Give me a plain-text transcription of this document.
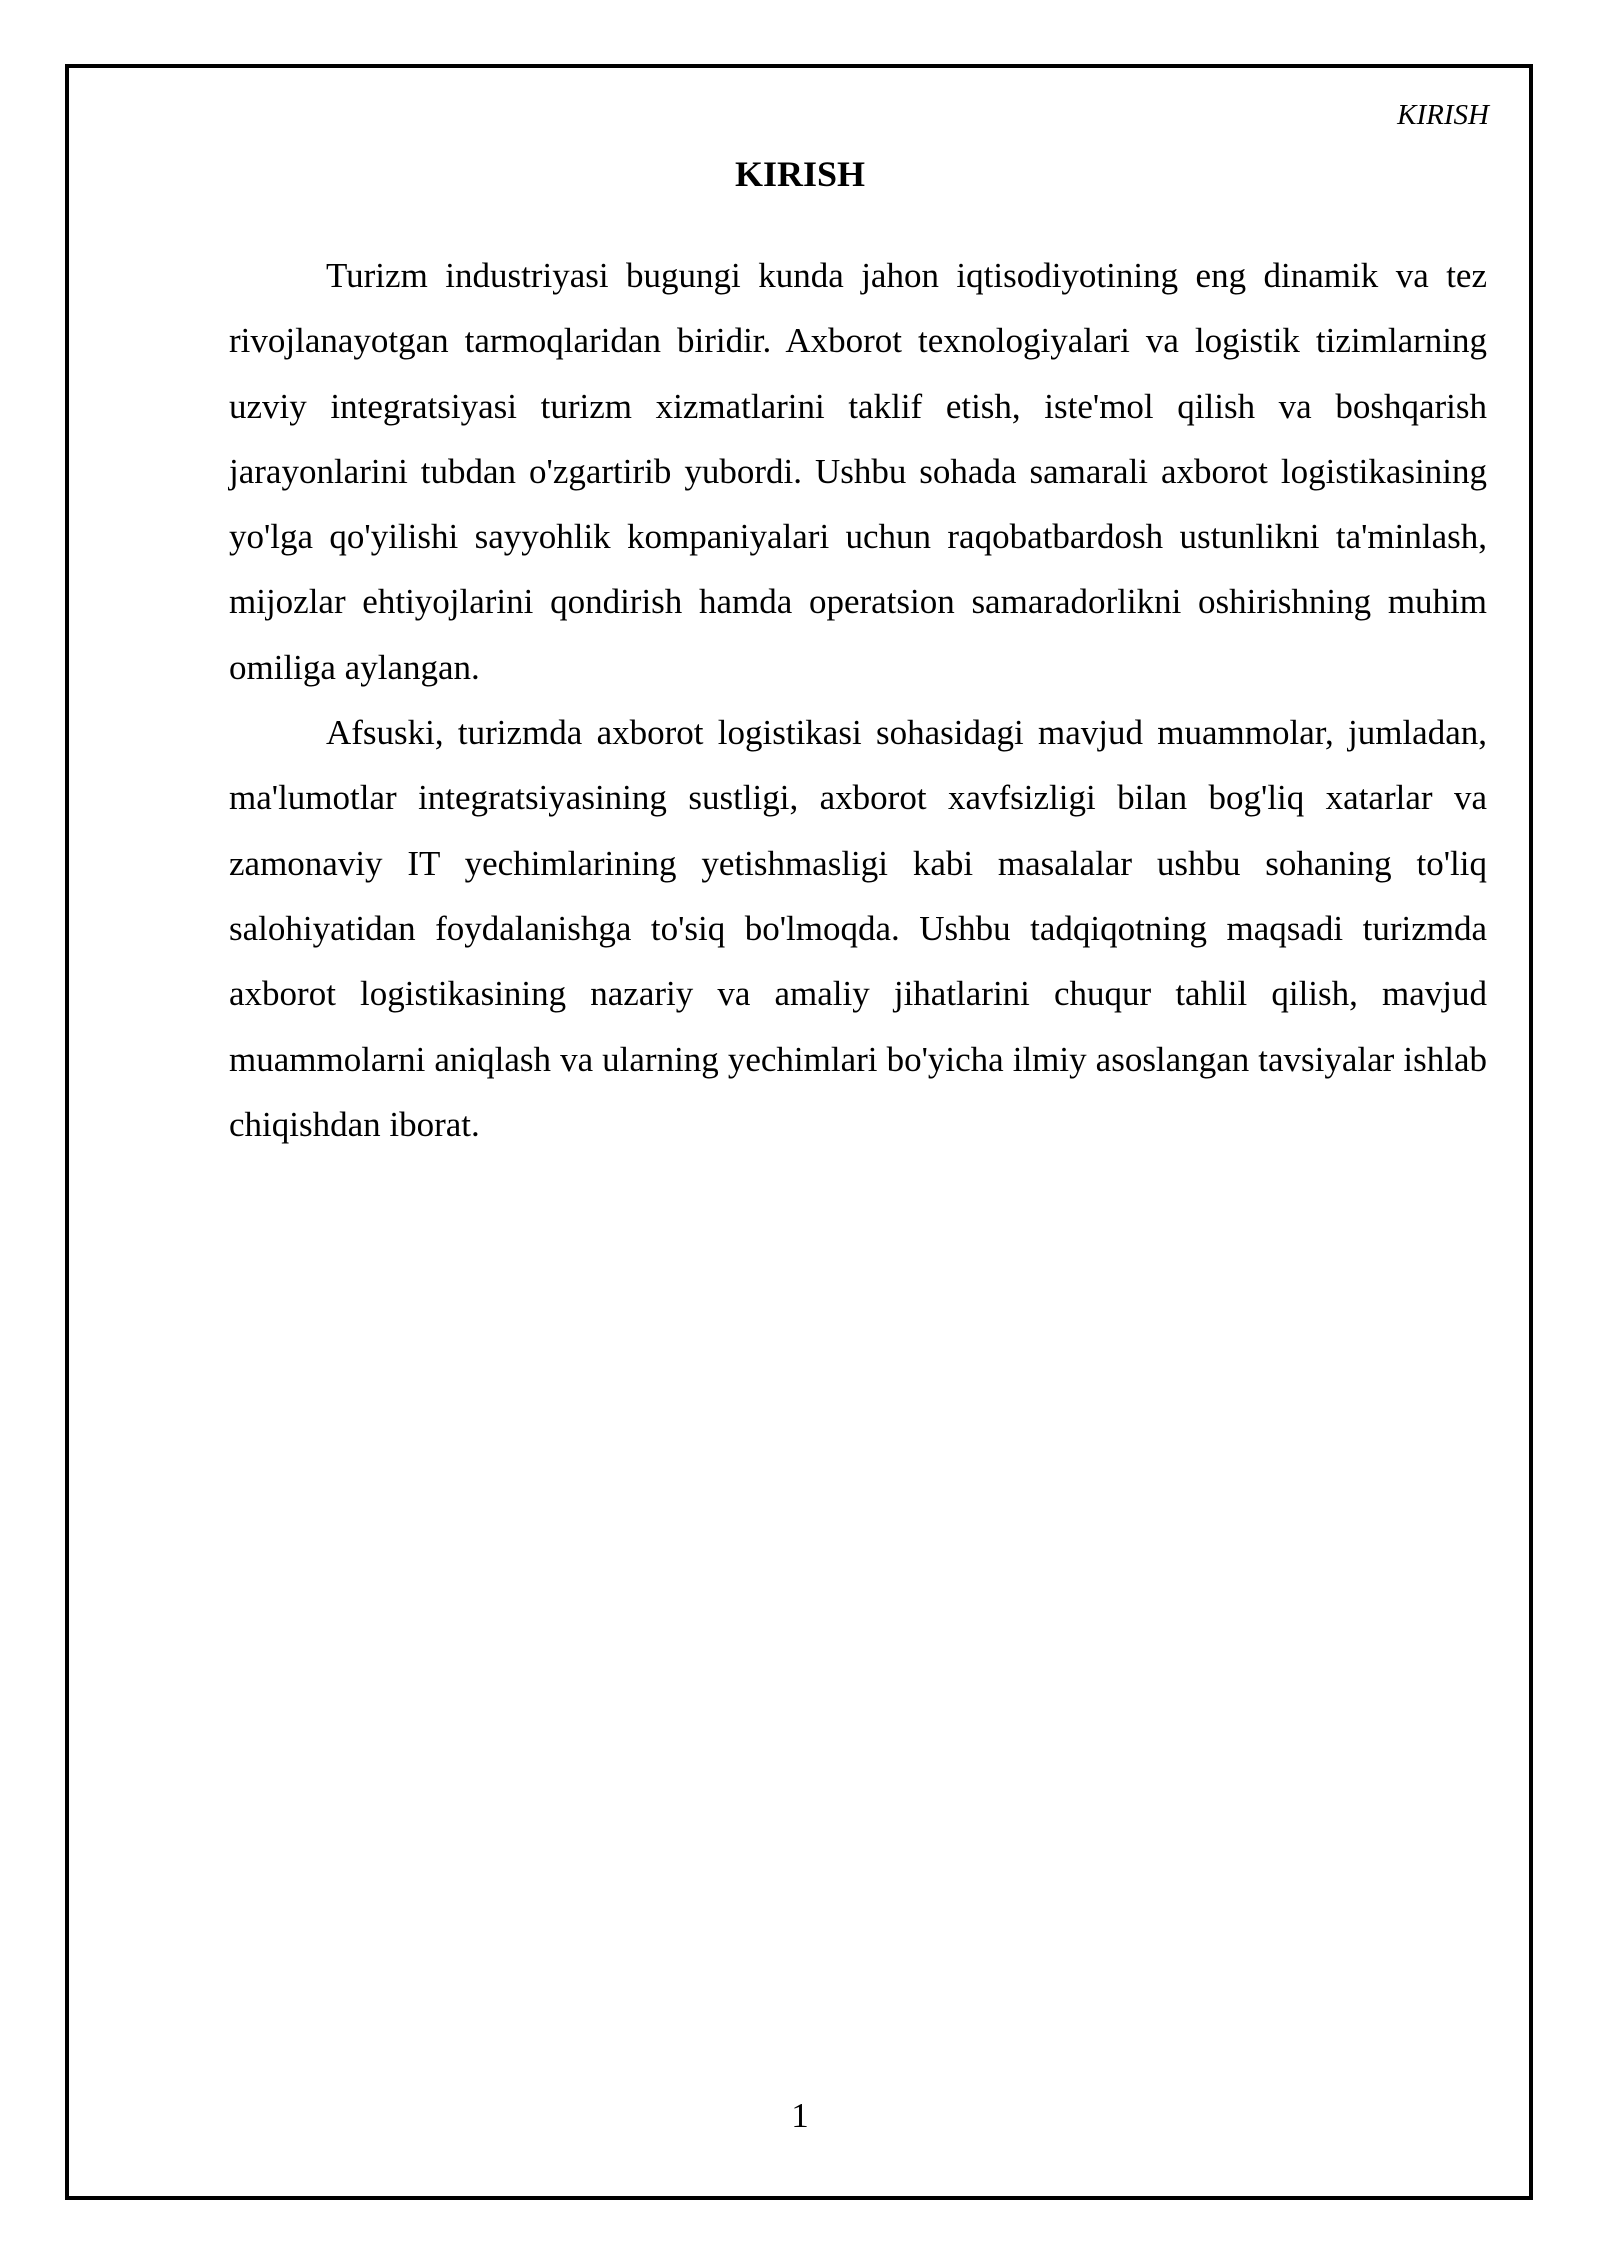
KIRISH
KIRISH

Turizm industriyasi bugungi kunda jahon iqtisodiyotining eng dinamik va tez rivojlanayotgan tarmoqlaridan biridir. Axborot texnologiyalari va logistik tizimlarning uzviy integratsiyasi turizm xizmatlarini taklif etish, iste'mol qilish va boshqarish jarayonlarini tubdan o'zgartirib yubordi. Ushbu sohada samarali axborot logistikasining yo'lga qo'yilishi sayyohlik kompaniyalari uchun raqobatbardosh ustunlikni ta'minlash, mijozlar ehtiyojlarini qondirish hamda operatsion samaradorlikni oshirishning muhim omiliga aylangan.

Afsuski, turizmda axborot logistikasi sohasidagi mavjud muammolar, jumladan, ma'lumotlar integratsiyasining sustligi, axborot xavfsizligi bilan bog'liq xatarlar va zamonaviy IT yechimlarining yetishmasligi kabi masalalar ushbu sohaning to'liq salohiyatidan foydalanishga to'siq bo'lmoqda. Ushbu tadqiqotning maqsadi turizmda axborot logistikasining nazariy va amaliy jihatlarini chuqur tahlil qilish, mavjud muammolarni aniqlash va ularning yechimlari bo'yicha ilmiy asoslangan tavsiyalar ishlab chiqishdan iborat.

1
